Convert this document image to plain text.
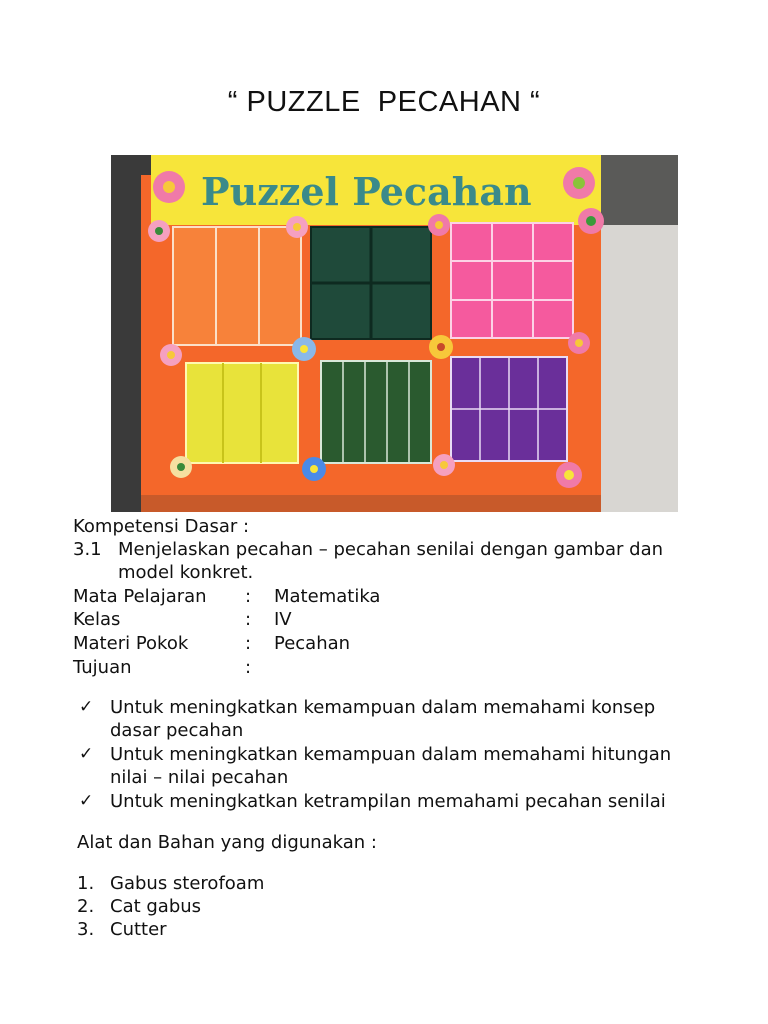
“ PUZZLE  PECAHAN “
Puzzel Pecahan
Kompetensi Dasar :
3.1 Menjelaskan pecahan – pecahan senilai dengan gambar dan
model konkret.
Mata Pelajaran : Matematika
Kelas	: IV
Materi Pokok	: Pecahan
Tujuan	:
✓ Untuk meningkatkan kemampuan dalam memahami konsep
dasar pecahan
✓ Untuk meningkatkan kemampuan dalam memahami hitungan
nilai – nilai pecahan
✓ Untuk meningkatkan ketrampilan memahami pecahan senilai
Alat dan Bahan yang digunakan :
1. Gabus sterofoam
2. Cat gabus
3. Cutter
